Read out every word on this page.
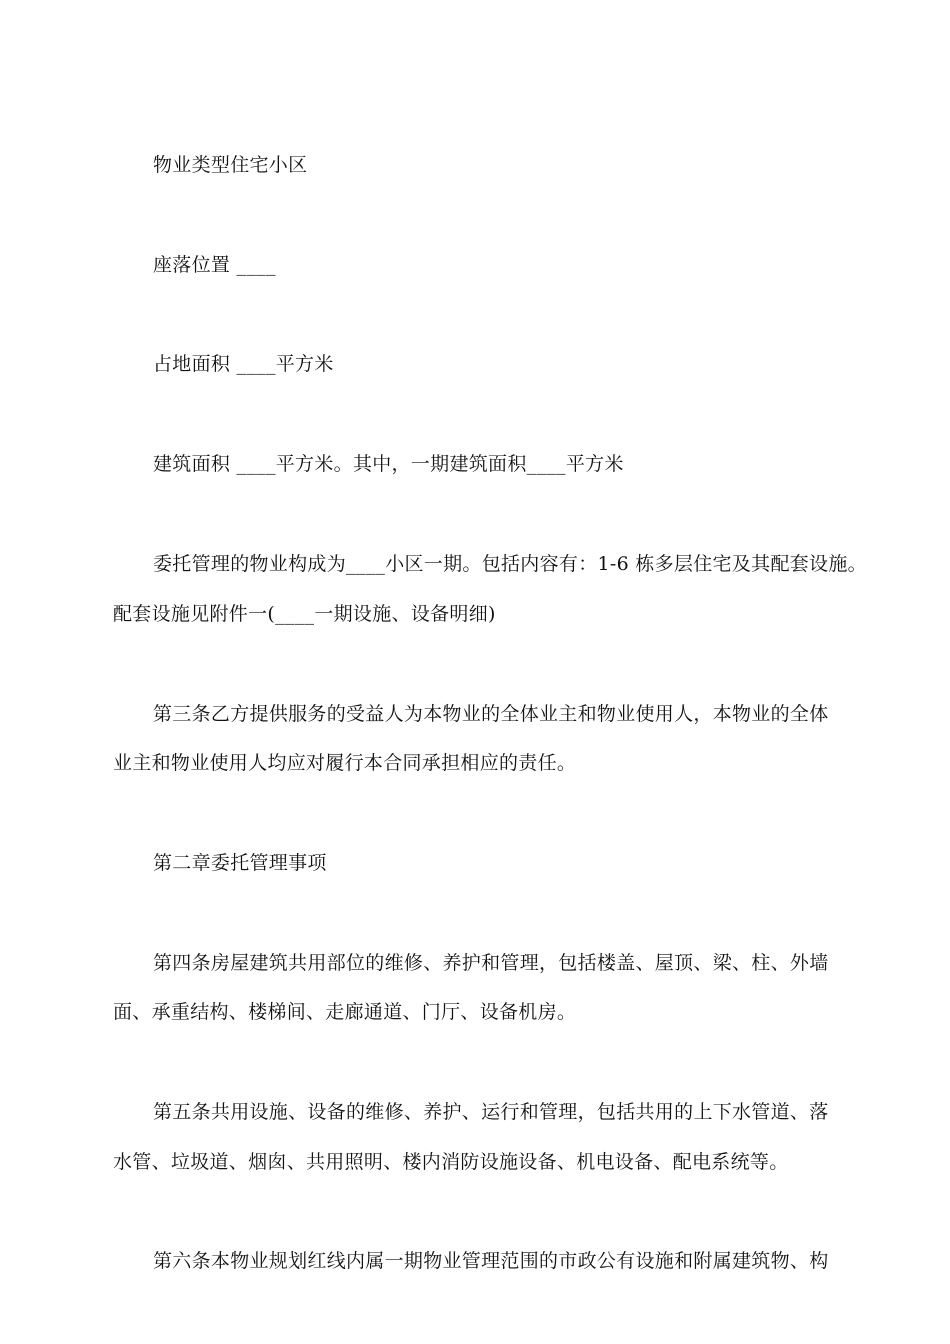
物业类型住宅小区
座落位置 ____
占地面积 ____平方米
建筑面积 ____平方米。其中，一期建筑面积____平方米
委托管理的物业构成为____小区一期。包括内容有：1-6 栋多层住宅及其配套设施。
配套设施见附件一(____一期设施、设备明细)
第三条乙方提供服务的受益人为本物业的全体业主和物业使用人，本物业的全体
业主和物业使用人均应对履行本合同承担相应的责任。
第二章委托管理事项
第四条房屋建筑共用部位的维修、养护和管理，包括楼盖、屋顶、梁、柱、外墙
面、承重结构、楼梯间、走廊通道、门厅、设备机房。
第五条共用设施、设备的维修、养护、运行和管理，包括共用的上下水管道、落
水管、垃圾道、烟囱、共用照明、楼内消防设施设备、机电设备、配电系统等。
第六条本物业规划红线内属一期物业管理范围的市政公有设施和附属建筑物、构
